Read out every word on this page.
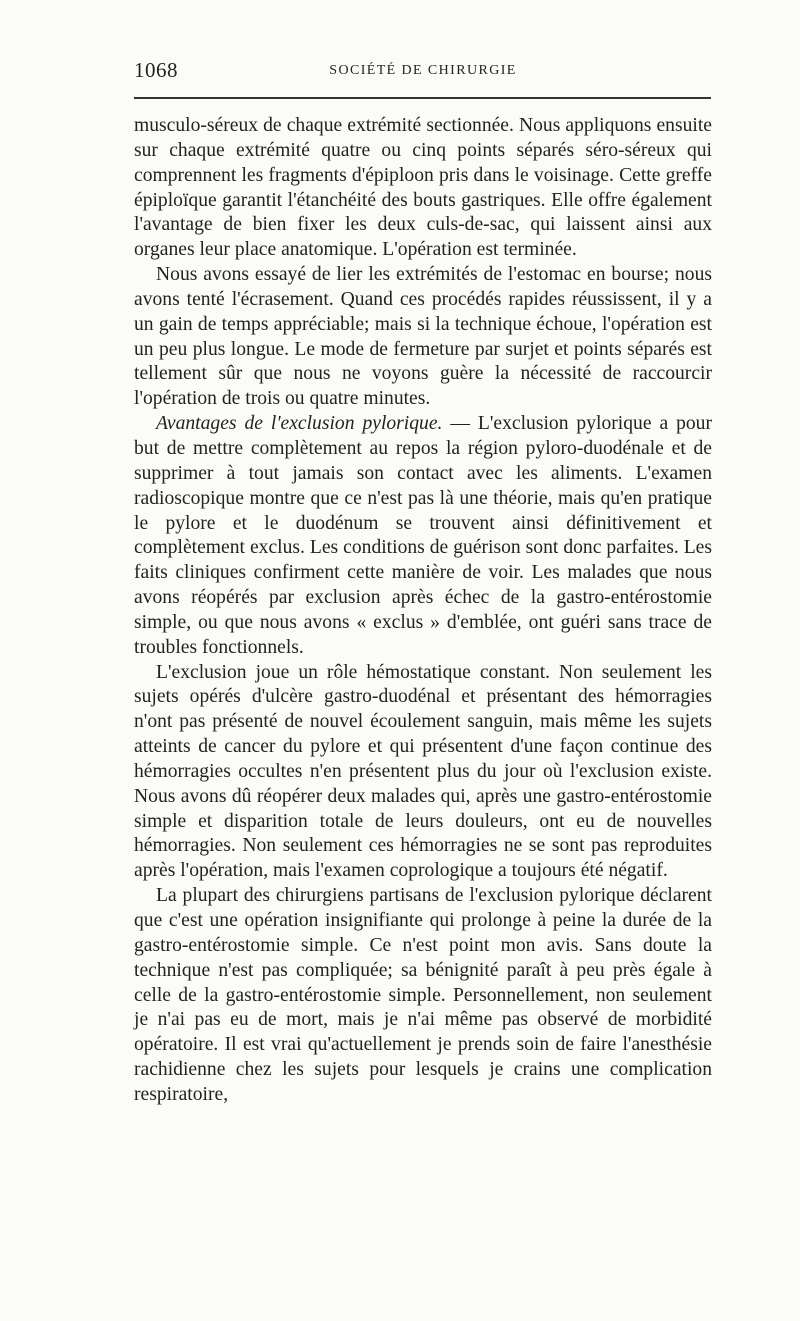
1068	SOCIÉTÉ DE CHIRURGIE

musculo-séreux de chaque extrémité sectionnée. Nous appliquons ensuite sur chaque extrémité quatre ou cinq points séparés séro-séreux qui comprennent les fragments d'épiploon pris dans le voisinage. Cette greffe épiploïque garantit l'étanchéité des bouts gastriques. Elle offre également l'avantage de bien fixer les deux culs-de-sac, qui laissent ainsi aux organes leur place anatomique. L'opération est terminée.

Nous avons essayé de lier les extrémités de l'estomac en bourse; nous avons tenté l'écrasement. Quand ces procédés rapides réussissent, il y a un gain de temps appréciable; mais si la technique échoue, l'opération est un peu plus longue. Le mode de fermeture par surjet et points séparés est tellement sûr que nous ne voyons guère la nécessité de raccourcir l'opération de trois ou quatre minutes.

Avantages de l'exclusion pylorique. — L'exclusion pylorique a pour but de mettre complètement au repos la région pyloro-duodénale et de supprimer à tout jamais son contact avec les aliments. L'examen radioscopique montre que ce n'est pas là une théorie, mais qu'en pratique le pylore et le duodénum se trouvent ainsi définitivement et complètement exclus. Les conditions de guérison sont donc parfaites. Les faits cliniques confirment cette manière de voir. Les malades que nous avons réopérés par exclusion après échec de la gastro-entérostomie simple, ou que nous avons « exclus » d'emblée, ont guéri sans trace de troubles fonctionnels.

L'exclusion joue un rôle hémostatique constant. Non seulement les sujets opérés d'ulcère gastro-duodénal et présentant des hémorragies n'ont pas présenté de nouvel écoulement sanguin, mais même les sujets atteints de cancer du pylore et qui présentent d'une façon continue des hémorragies occultes n'en présentent plus du jour où l'exclusion existe. Nous avons dû réopérer deux malades qui, après une gastro-entérostomie simple et disparition totale de leurs douleurs, ont eu de nouvelles hémorragies. Non seulement ces hémorragies ne se sont pas reproduites après l'opération, mais l'examen coprologique a toujours été négatif.

La plupart des chirurgiens partisans de l'exclusion pylorique déclarent que c'est une opération insignifiante qui prolonge à peine la durée de la gastro-entérostomie simple. Ce n'est point mon avis. Sans doute la technique n'est pas compliquée; sa bénignité paraît à peu près égale à celle de la gastro-entérostomie simple. Personnellement, non seulement je n'ai pas eu de mort, mais je n'ai même pas observé de morbidité opératoire. Il est vrai qu'actuellement je prends soin de faire l'anesthésie rachidienne chez les sujets pour lesquels je crains une complication respiratoire,
